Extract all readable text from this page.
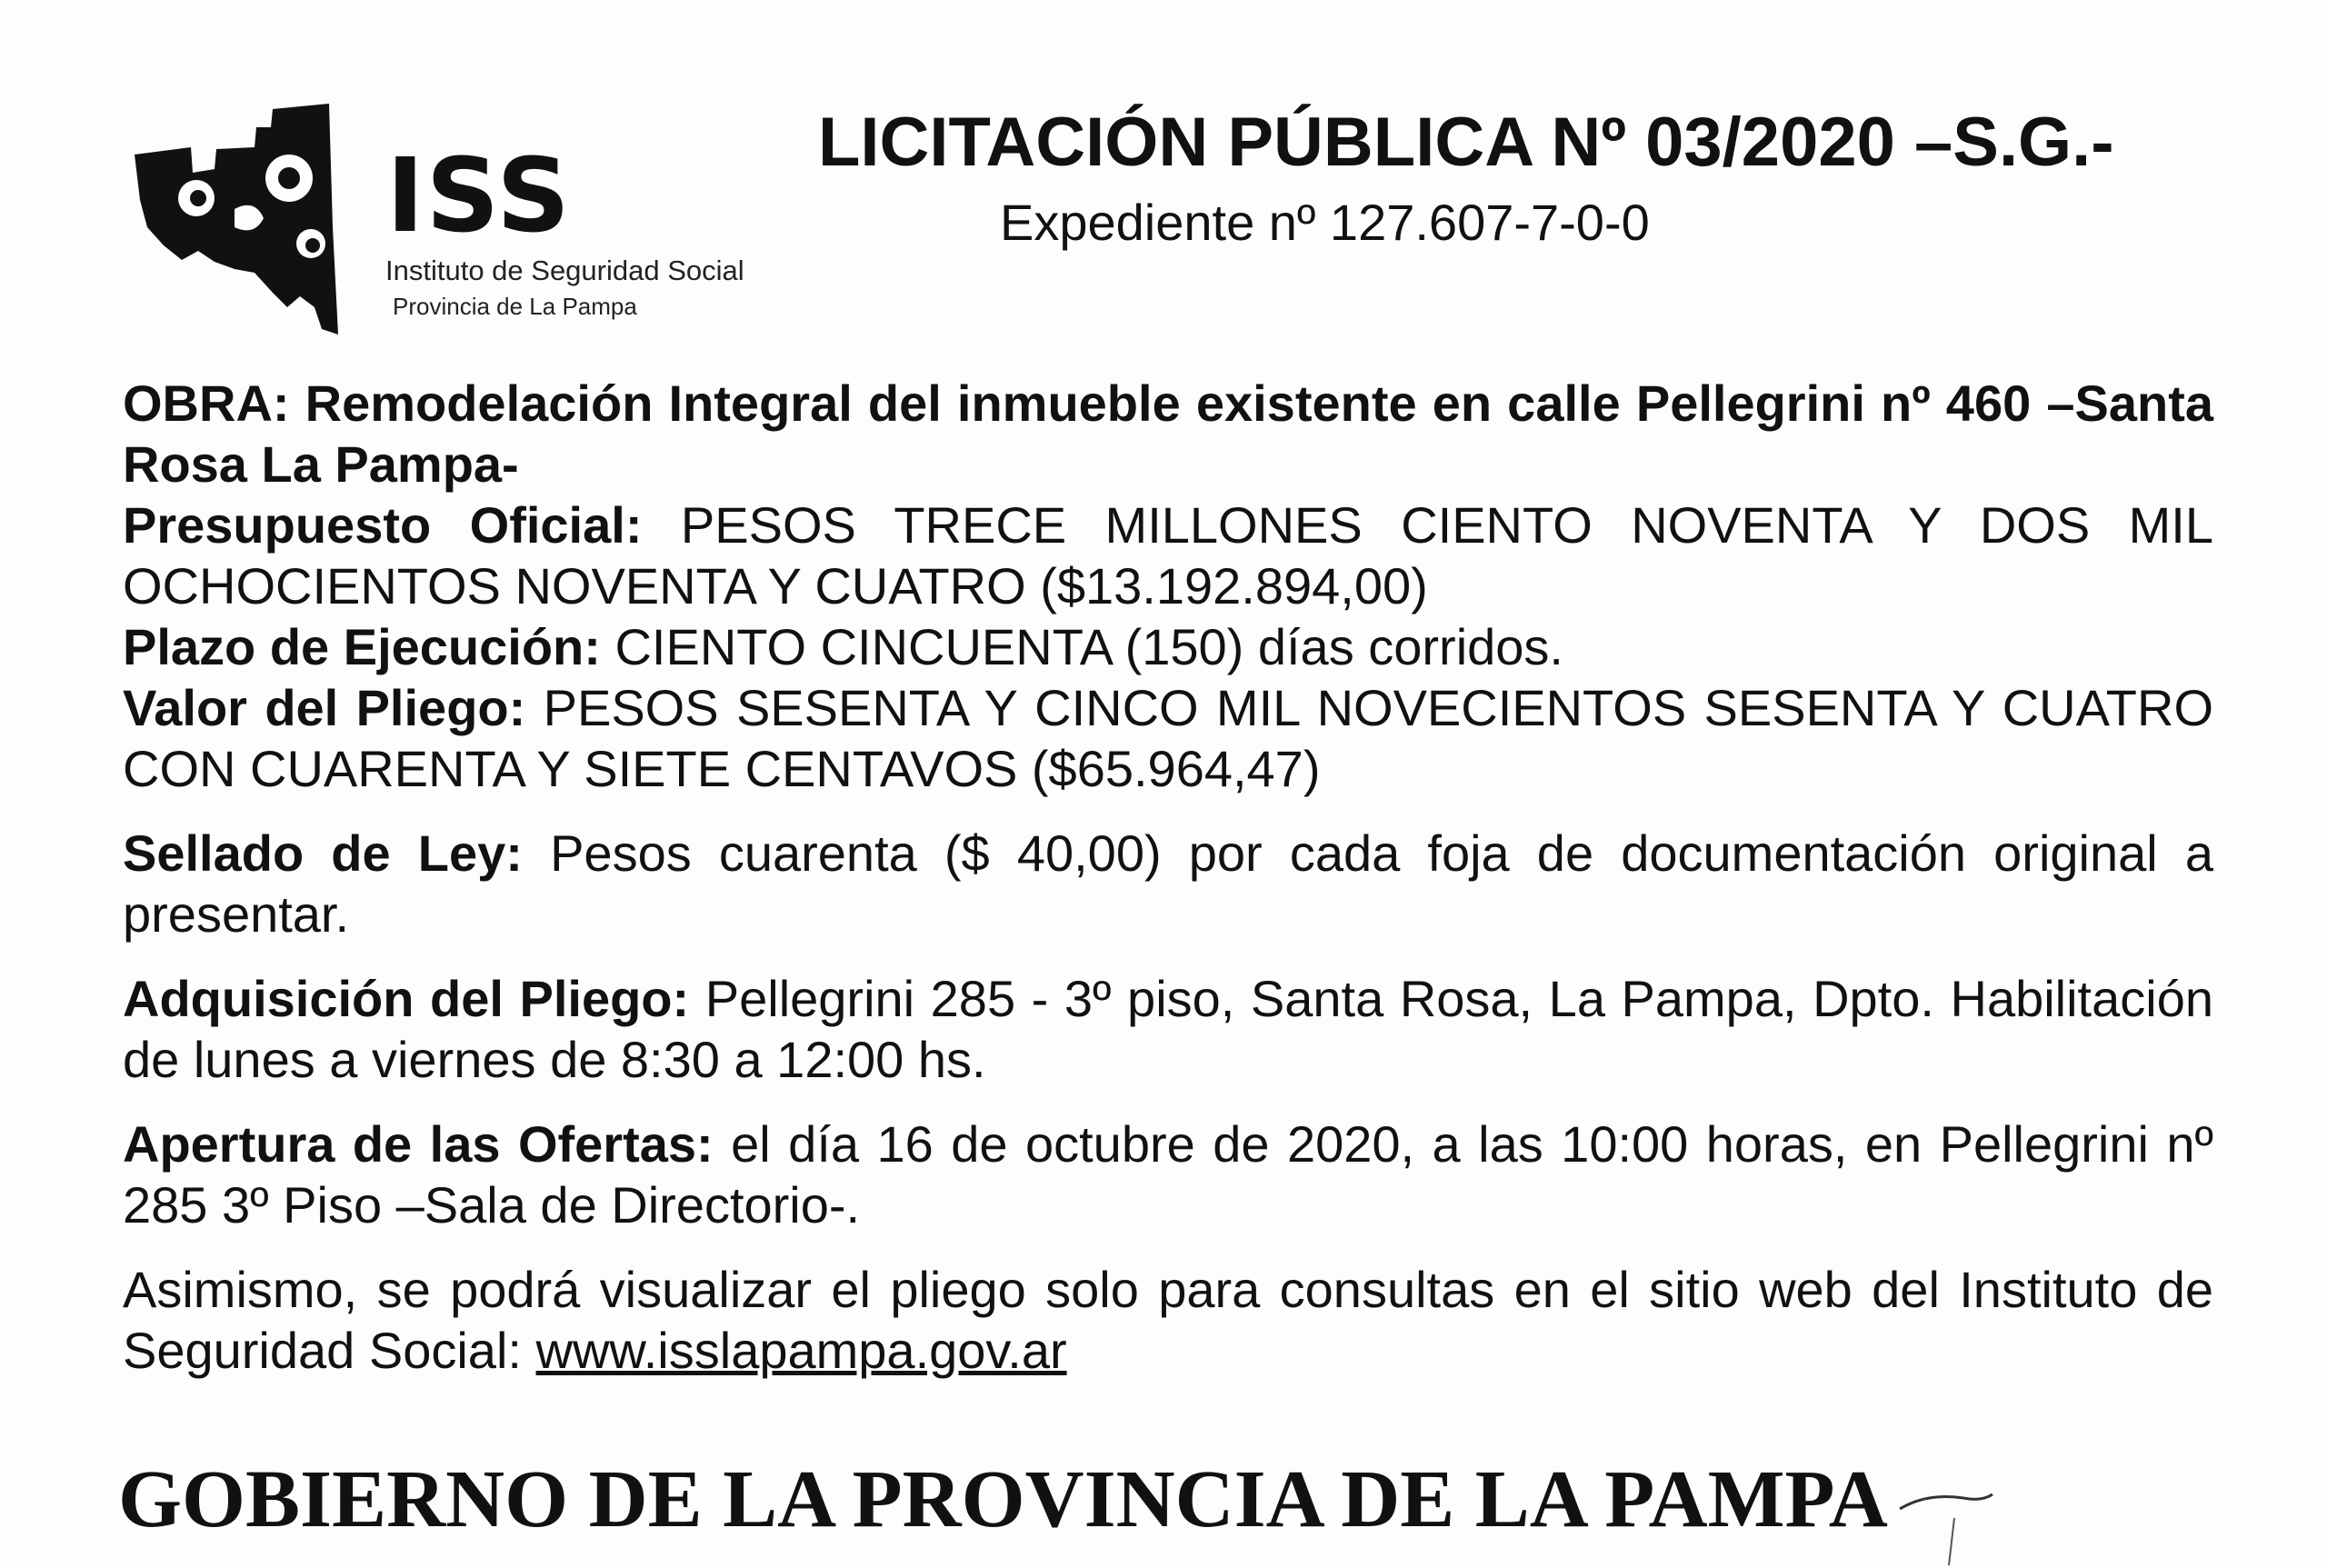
ISS
Instituto de Seguridad Social
Provincia de La Pampa
LICITACIÓN PÚBLICA Nº 03/2020 –S.G.-
Expediente nº 127.607-7-0-0

OBRA: Remodelación Integral del inmueble existente en calle Pellegrini nº 460 –Santa Rosa La Pampa-

Presupuesto Oficial: PESOS TRECE MILLONES CIENTO NOVENTA Y DOS MIL OCHOCIENTOS NOVENTA Y CUATRO ($13.192.894,00)

Plazo de Ejecución: CIENTO CINCUENTA (150) días corridos.

Valor del Pliego: PESOS SESENTA Y CINCO MIL NOVECIENTOS SESENTA Y CUATRO CON CUARENTA Y SIETE CENTAVOS ($65.964,47)

Sellado de Ley: Pesos cuarenta ($ 40,00) por cada foja de documentación original a presentar.

Adquisición del Pliego: Pellegrini 285 - 3º piso, Santa Rosa, La Pampa, Dpto. Habilitación de lunes a viernes de 8:30 a 12:00 hs.

Apertura de las Ofertas: el día 16 de octubre de 2020, a las 10:00 horas, en Pellegrini nº 285 3º Piso –Sala de Directorio-.

Asimismo, se podrá visualizar el pliego solo para consultas en el sitio web del Instituto de Seguridad Social: www.isslapampa.gov.ar

GOBIERNO DE LA PROVINCIA DE LA PAMPA
